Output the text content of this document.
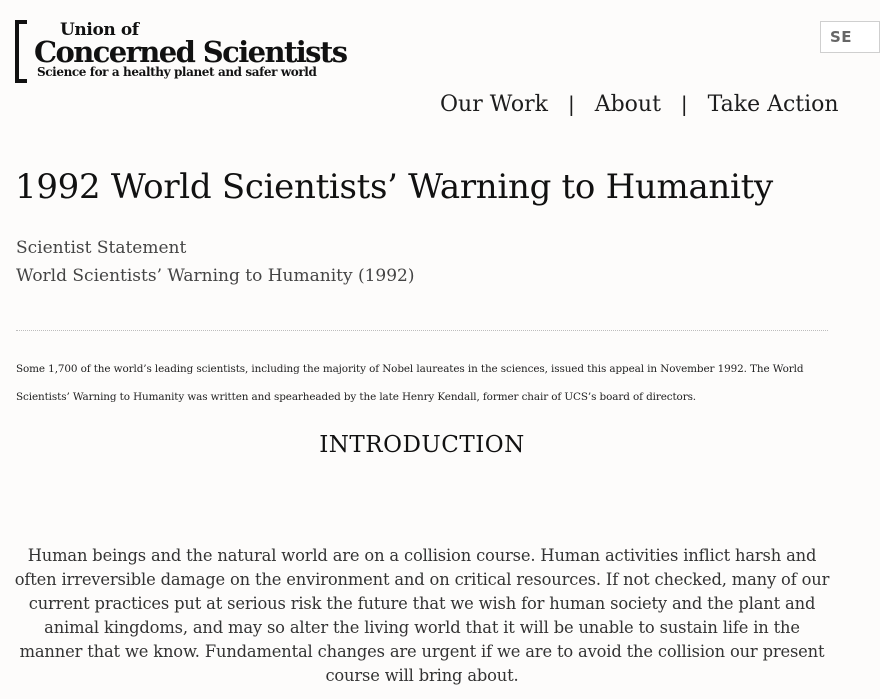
Union of
Concerned Scientists
Science for a healthy planet and safer world
SE
Our Work	| About	| Take Action
1992 World Scientists’ Warning to Humanity
Scientist Statement
World Scientists’ Warning to Humanity (1992)

Some 1,700 of the world’s leading scientists, including the majority of Nobel laureates in the sciences, issued this appeal in November 1992. The World Scientists’ Warning to Humanity was written and spearheaded by the late Henry Kendall, former chair of UCS’s board of directors.

INTRODUCTION

Human beings and the natural world are on a collision course. Human activities inflict harsh and often irreversible damage on the environment and on critical resources. If not checked, many of our current practices put at serious risk the future that we wish for human society and the plant and animal kingdoms, and may so alter the living world that it will be unable to sustain life in the manner that we know. Fundamental changes are urgent if we are to avoid the collision our present course will bring about.
